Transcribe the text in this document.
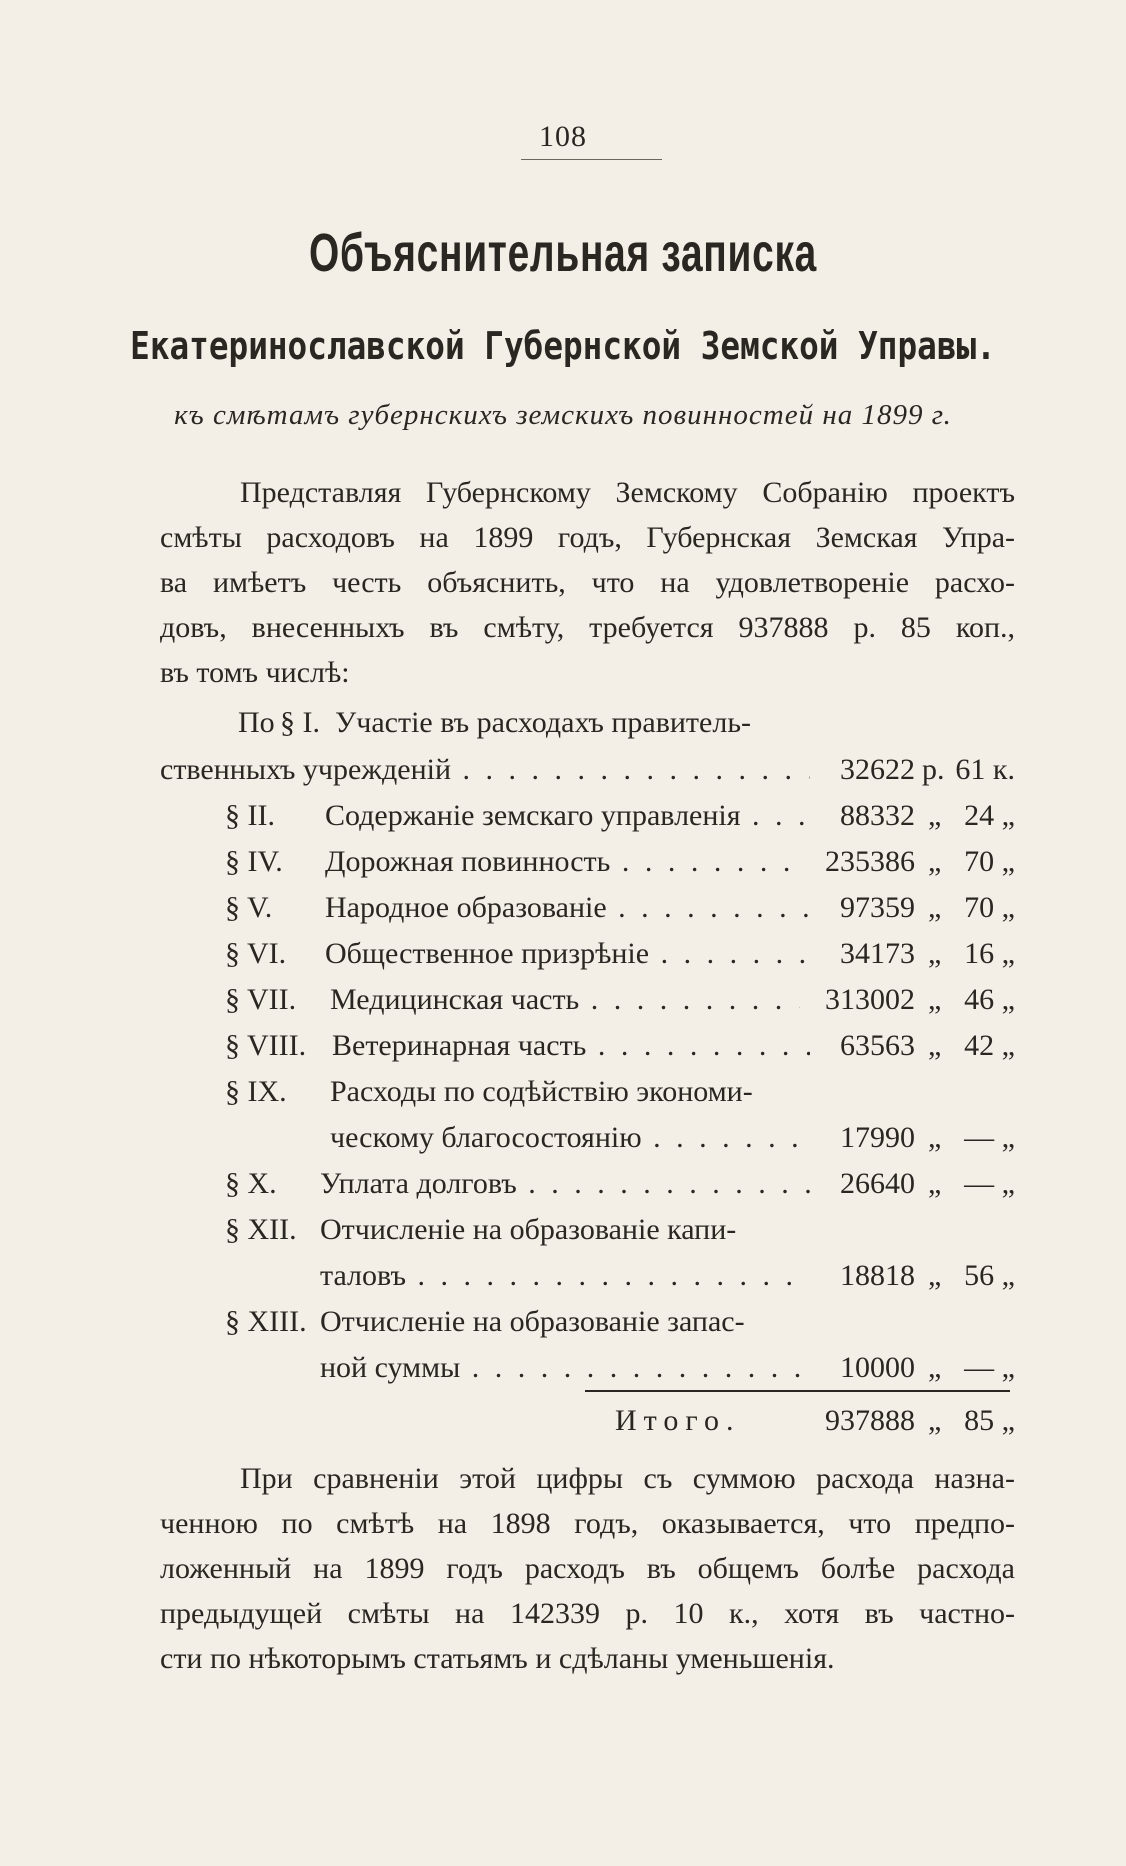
108
Объяснительная записка
Екатеринославской Губернской Земской Управы.
къ смѣтамъ губернскихъ земскихъ повинностей на 1899 г.
Представляя Губернскому Земскому Собранію проектъ
смѣты расходовъ на 1899 годъ, Губернская Земская Упра-
ва имѣетъ честь объяснить, что на удовлетвореніе расхо-
довъ, внесенныхъ въ смѣту, требуется 937888 р. 85 коп.,
въ томъ числѣ:
По § I. Участіе въ расходахъ правитель-
ственныхъ учрежденій . . .	32622 р. 61 к.
§ II.	Содержаніе земскаго управленія . . .	88332 „ 24 „
§ IV.	Дорожная повинность . . .	235386 „ 70 „
§ V.	Народное образованіе . . .	97359 „ 70 „
§ VI.	Общественное призрѣніе . . .	34173 „ 16 „
§ VII.	Медицинская часть . . .	313002 „ 46 „
§ VIII. Ветеринарная часть . . .	63563 „ 42 „
§ IX.	Расходы по содѣйствію экономи-
ческому благосостоянію . . .	17990 „ — „
§ X.	Уплата долговъ . . .	26640 „ — „
§ XII. Отчисленіе на образованіе капи-
таловъ . . .	18818 „ 56 „
§ XIII. Отчисленіе на образованіе запас-
ной суммы . . .	10000 „ — „
Итого.	937888 „ 85 „
При сравненіи этой цифры съ суммою расхода назна-
ченною по смѣтѣ на 1898 годъ, оказывается, что предпо-
ложенный на 1899 годъ расходъ въ общемъ болѣе расхода
предыдущей смѣты на 142339 р. 10 к., хотя въ частно-
сти по нѣкоторымъ статьямъ и сдѣланы уменьшенія.
